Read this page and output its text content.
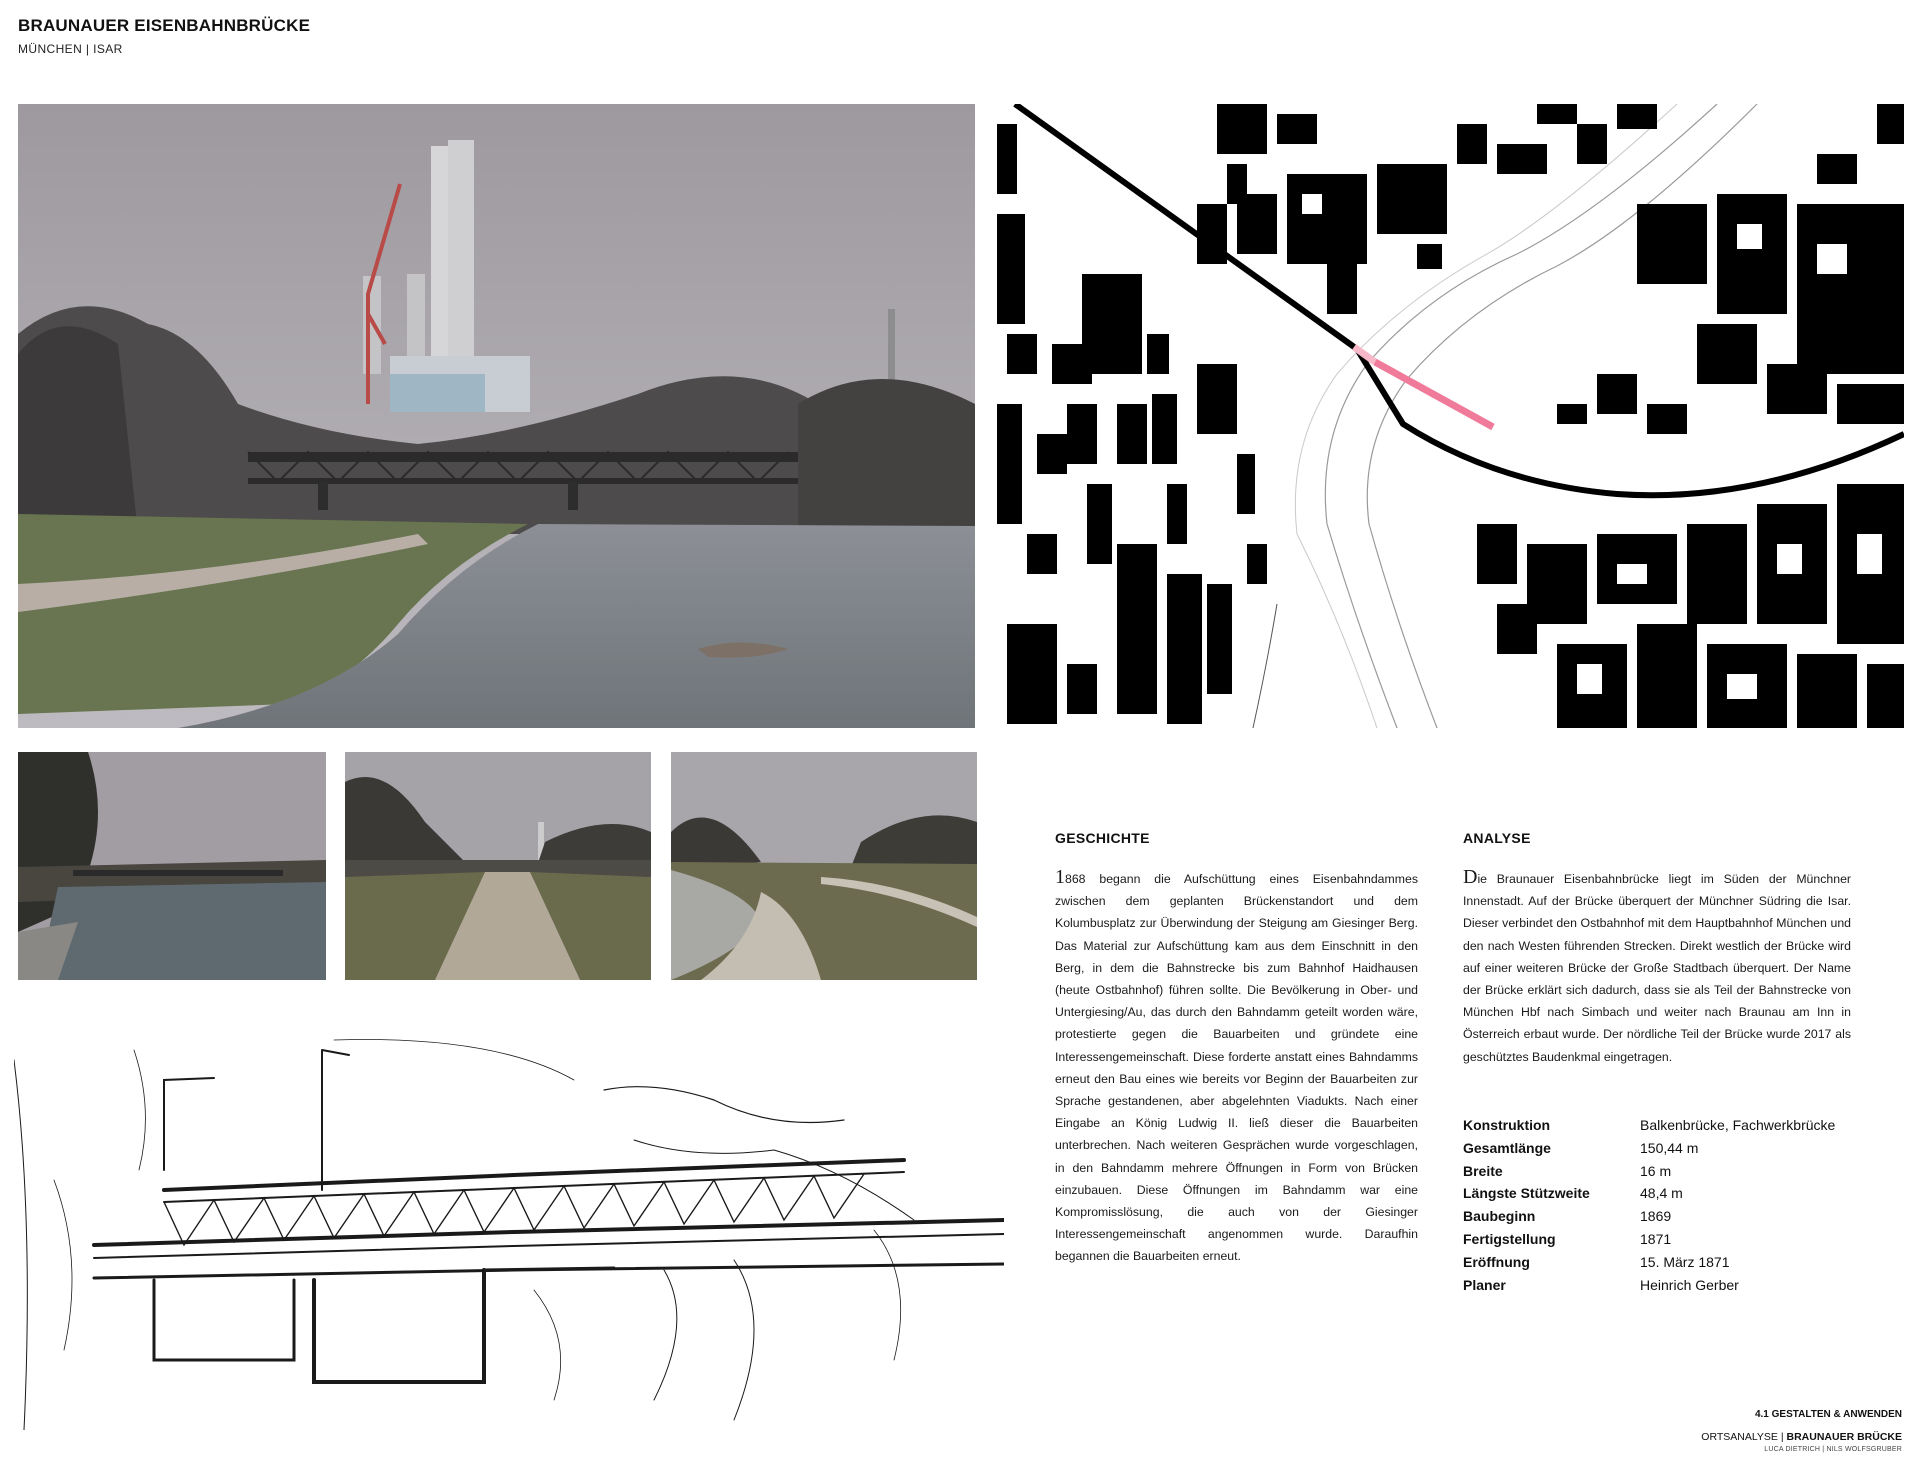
BRAUNAUER EISENBAHNBRÜCKE
MÜNCHEN | ISAR
GESCHICHTE
1868 begann die Aufschüttung eines Eisenbahndammes zwischen dem geplanten Brückenstandort und dem Kolumbusplatz zur Überwindung der Steigung am Giesinger Berg. Das Material zur Aufschüttung kam aus dem Einschnitt in den Berg, in dem die Bahnstrecke bis zum Bahnhof Haidhausen (heute Ostbahnhof) führen sollte. Die Bevölkerung in Ober- und Untergiesing/Au, das durch den Bahndamm geteilt worden wäre, protestierte gegen die Bauarbeiten und gründete eine Interessengemeinschaft. Diese forderte anstatt eines Bahndamms erneut den Bau eines wie bereits vor Beginn der Bauarbeiten zur Sprache gestandenen, aber abgelehnten Viadukts. Nach einer Eingabe an König Ludwig II. ließ dieser die Bauarbeiten unterbrechen. Nach weiteren Gesprächen wurde vorgeschlagen, in den Bahndamm mehrere Öffnungen in Form von Brücken einzubauen. Diese Öffnungen im Bahndamm war eine Kompromisslösung, die auch von der Giesinger Interessengemeinschaft angenommen wurde. Daraufhin begannen die Bauarbeiten erneut.
ANALYSE
Die Braunauer Eisenbahnbrücke liegt im Süden der Münchner Innenstadt. Auf der Brücke überquert der Münchner Südring die Isar. Dieser verbindet den Ostbahnhof mit dem Hauptbahnhof München und den nach Westen führenden Strecken. Direkt westlich der Brücke wird auf einer weiteren Brücke der Große Stadtbach überquert. Der Name der Brücke erklärt sich dadurch, dass sie als Teil der Bahnstrecke von München Hbf nach Simbach und weiter nach Braunau am Inn in Österreich erbaut wurde. Der nördliche Teil der Brücke wurde 2017 als geschütztes Baudenkmal eingetragen.
Konstruktion	Balkenbrücke, Fachwerkbrücke
Gesamtlänge	150,44 m
Breite	16 m
Längste Stützweite	48,4 m
Baubeginn	1869
Fertigstellung	1871
Eröffnung	15. März 1871
Planer	Heinrich Gerber
4.1 GESTALTEN & ANWENDEN
ORTSANALYSE | BRAUNAUER BRÜCKE
LUCA DIETRICH | NILS WOLFSGRUBER
